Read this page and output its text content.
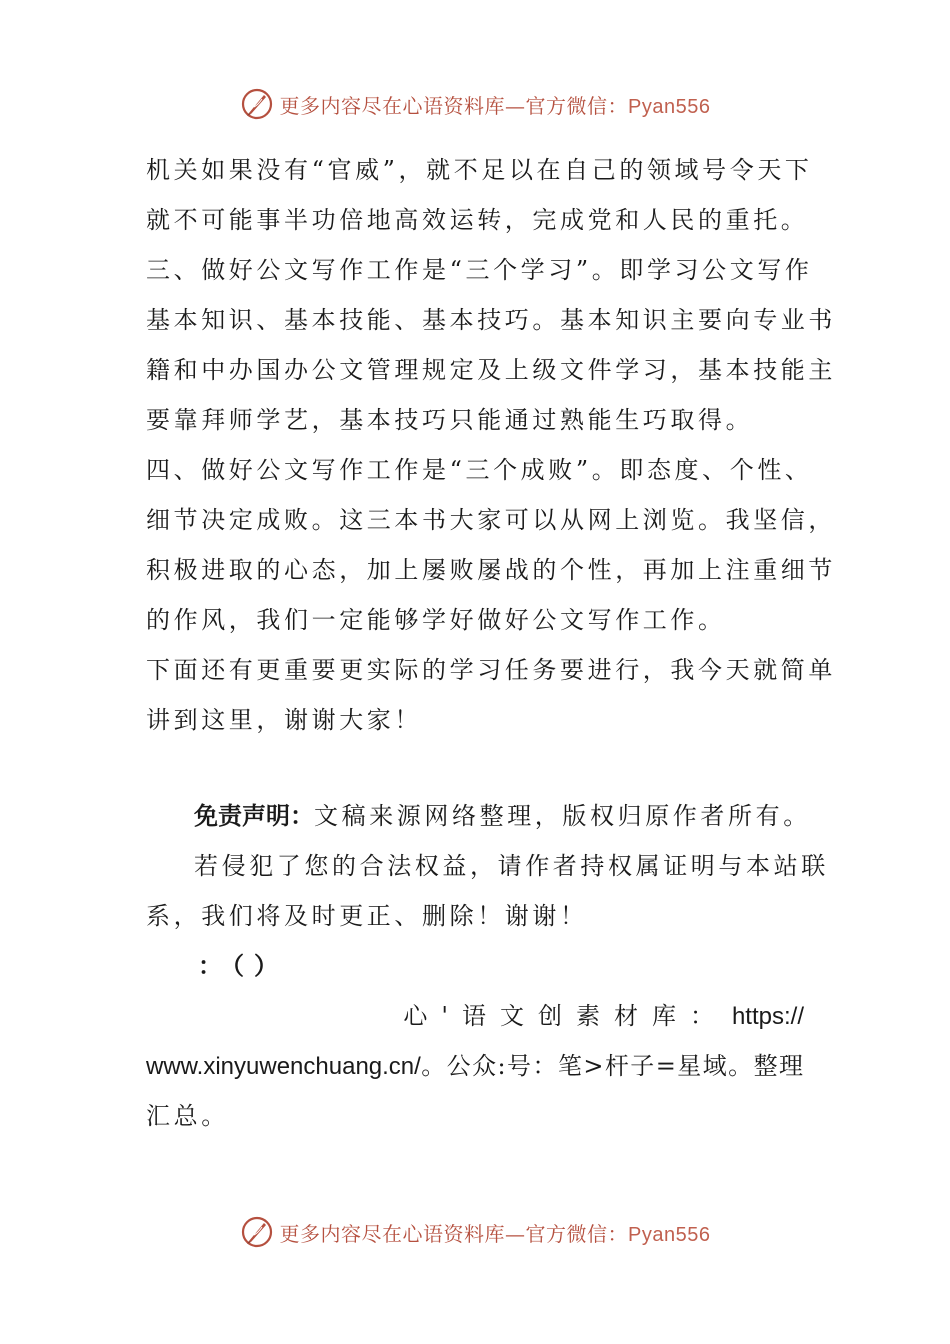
更多内容尽在心语资料库—官方微信：Pyan556
机关如果没有“官威”，就不足以在自己的领域号令天下
就不可能事半功倍地高效运转，完成党和人民的重托。
三、做好公文写作工作是“三个学习”。即学习公文写作
基本知识、基本技能、基本技巧。基本知识主要向专业书
籍和中办国办公文管理规定及上级文件学习，基本技能主
要靠拜师学艺，基本技巧只能通过熟能生巧取得。
四、做好公文写作工作是“三个成败”。即态度、个性、
细节决定成败。这三本书大家可以从网上浏览。我坚信，
积极进取的心态，加上屡败屡战的个性，再加上注重细节
的作风，我们一定能够学好做好公文写作工作。
下面还有更重要更实际的学习任务要进行，我今天就简单
讲到这里，谢谢大家！
免责声明：文稿来源网络整理，版权归原作者所有。
若侵犯了您的合法权益，请作者持权属证明与本站联
系，我们将及时更正、删除！谢谢！
：（）
心'语文创素材库： https://
www.xinyuwenchuang.cn/。公众:号：笔>杆子=星域。整理
汇总。
更多内容尽在心语资料库—官方微信：Pyan556
